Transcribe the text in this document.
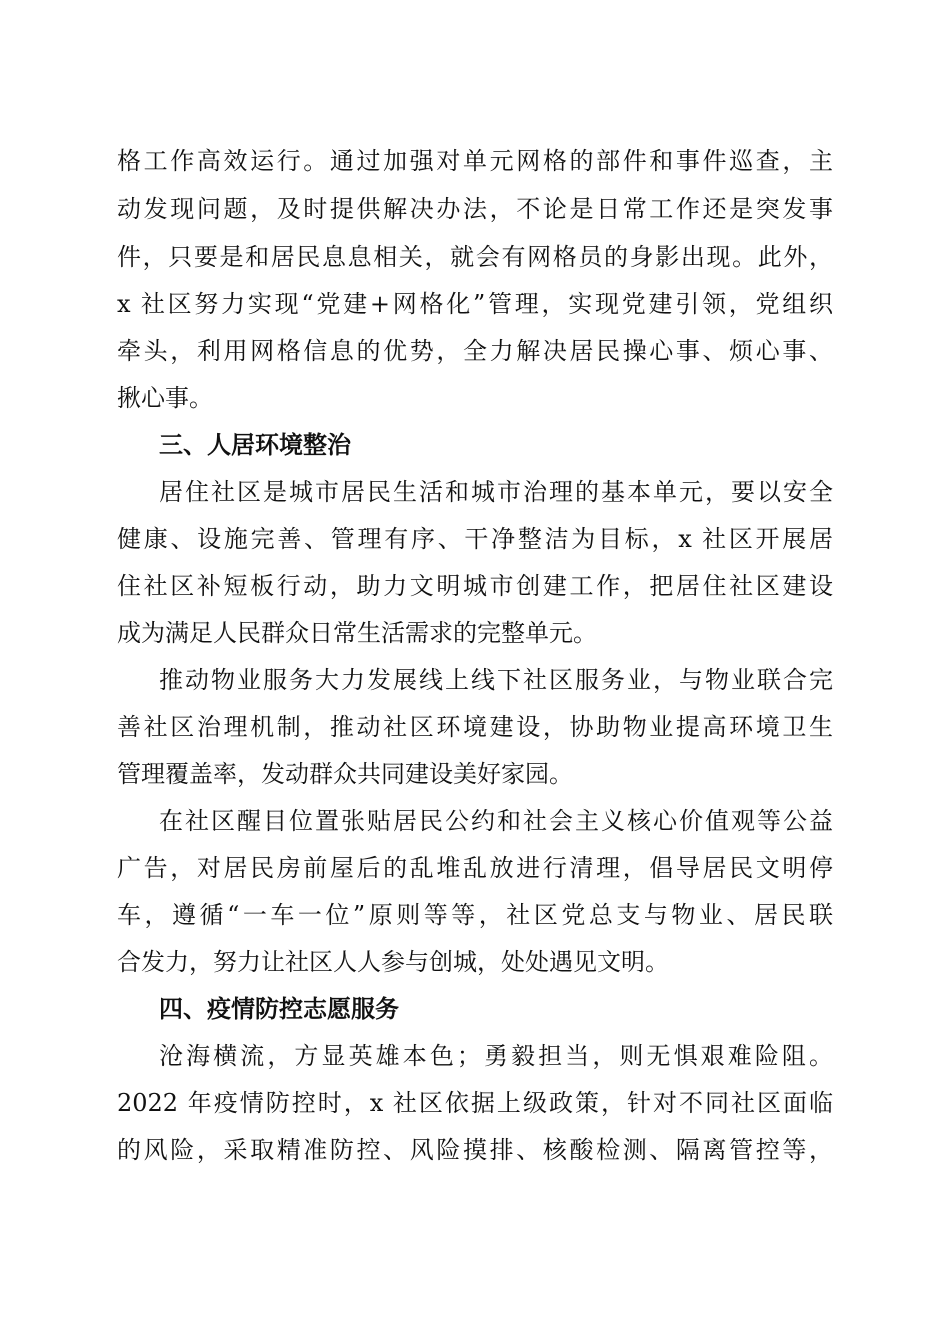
格工作高效运行。通过加强对单元网格的部件和事件巡查，主
动发现问题，及时提供解决办法，不论是日常工作还是突发事
件，只要是和居民息息相关，就会有网格员的身影出现。此外，
x 社区努力实现“党建+网格化”管理，实现党建引领，党组织
牵头，利用网格信息的优势，全力解决居民操心事、烦心事、
揪心事。
三、人居环境整治
居住社区是城市居民生活和城市治理的基本单元，要以安全
健康、设施完善、管理有序、干净整洁为目标，x 社区开展居
住社区补短板行动，助力文明城市创建工作，把居住社区建设
成为满足人民群众日常生活需求的完整单元。
推动物业服务大力发展线上线下社区服务业，与物业联合完
善社区治理机制，推动社区环境建设，协助物业提高环境卫生
管理覆盖率，发动群众共同建设美好家园。
在社区醒目位置张贴居民公约和社会主义核心价值观等公益
广告，对居民房前屋后的乱堆乱放进行清理，倡导居民文明停
车，遵循“一车一位”原则等等，社区党总支与物业、居民联
合发力，努力让社区人人参与创城，处处遇见文明。
四、疫情防控志愿服务
沧海横流，方显英雄本色；勇毅担当，则无惧艰难险阻。
2022 年疫情防控时，x 社区依据上级政策，针对不同社区面临
的风险，采取精准防控、风险摸排、核酸检测、隔离管控等，
